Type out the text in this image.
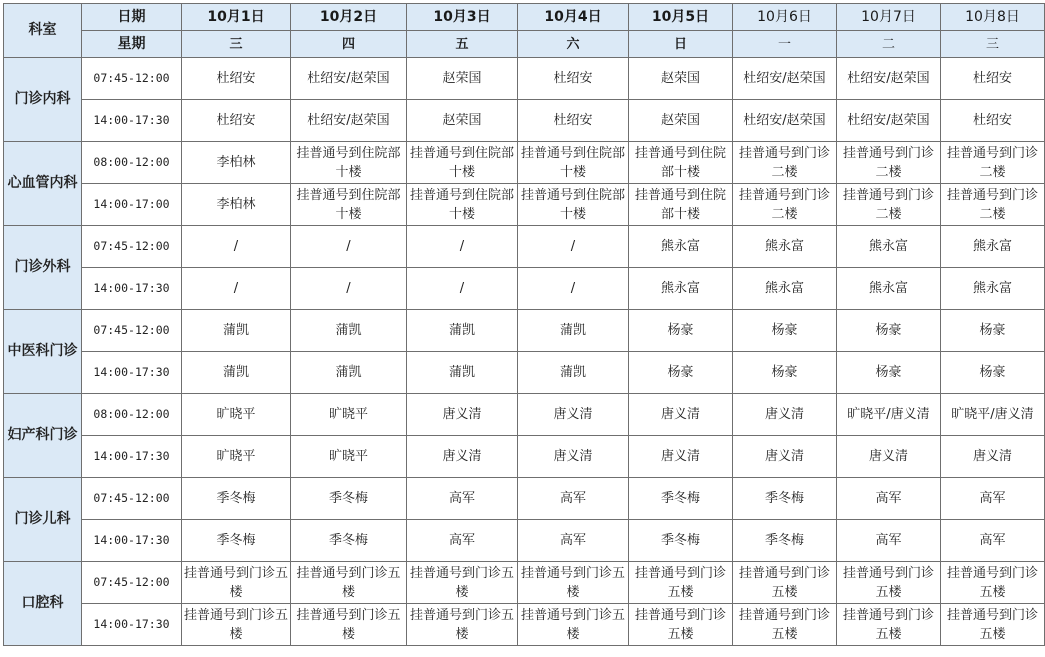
科室	日期	10月1日	10月2日	10月3日	10月4日	10月5日	10月6日	10月7日	10月8日
	星期	三	四	五	六	日	一	二	三
门诊内科	07:45-12:00	杜绍安	杜绍安/赵荣国	赵荣国	杜绍安	赵荣国	杜绍安/赵荣国	杜绍安/赵荣国	杜绍安
	14:00-17:30	杜绍安	杜绍安/赵荣国	赵荣国	杜绍安	赵荣国	杜绍安/赵荣国	杜绍安/赵荣国	杜绍安
心血管内科	08:00-12:00	李柏林	挂普通号到住院部十楼	挂普通号到住院部十楼	挂普通号到住院部十楼	挂普通号到住院部十楼	挂普通号到门诊二楼	挂普通号到门诊二楼	挂普通号到门诊二楼
	14:00-17:00	李柏林	挂普通号到住院部十楼	挂普通号到住院部十楼	挂普通号到住院部十楼	挂普通号到住院部十楼	挂普通号到门诊二楼	挂普通号到门诊二楼	挂普通号到门诊二楼
门诊外科	07:45-12:00	/	/	/	/	熊永富	熊永富	熊永富	熊永富
	14:00-17:30	/	/	/	/	熊永富	熊永富	熊永富	熊永富
中医科门诊	07:45-12:00	蒲凯	蒲凯	蒲凯	蒲凯	杨豪	杨豪	杨豪	杨豪
	14:00-17:30	蒲凯	蒲凯	蒲凯	蒲凯	杨豪	杨豪	杨豪	杨豪
妇产科门诊	08:00-12:00	旷晓平	旷晓平	唐义清	唐义清	唐义清	唐义清	旷晓平/唐义清	旷晓平/唐义清
	14:00-17:30	旷晓平	旷晓平	唐义清	唐义清	唐义清	唐义清	唐义清	唐义清
门诊儿科	07:45-12:00	季冬梅	季冬梅	高军	高军	季冬梅	季冬梅	高军	高军
	14:00-17:30	季冬梅	季冬梅	高军	高军	季冬梅	季冬梅	高军	高军
口腔科	07:45-12:00	挂普通号到门诊五楼	挂普通号到门诊五楼	挂普通号到门诊五楼	挂普通号到门诊五楼	挂普通号到门诊五楼	挂普通号到门诊五楼	挂普通号到门诊五楼	挂普通号到门诊五楼
	14:00-17:30	挂普通号到门诊五楼	挂普通号到门诊五楼	挂普通号到门诊五楼	挂普通号到门诊五楼	挂普通号到门诊五楼	挂普通号到门诊五楼	挂普通号到门诊五楼	挂普通号到门诊五楼
